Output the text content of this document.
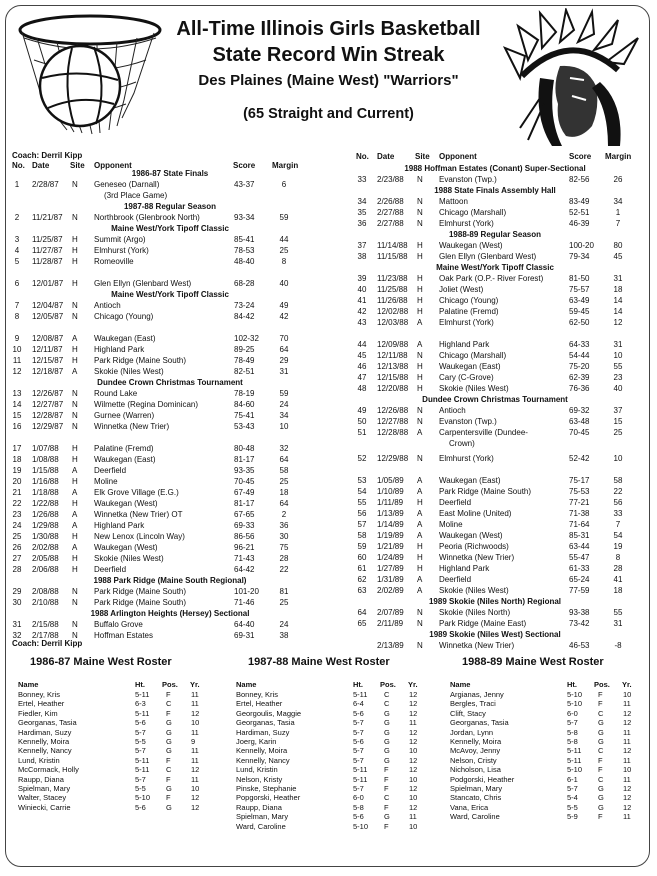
All-Time Illinois Girls Basketball
State Record Win Streak
Des Plaines (Maine West) "Warriors"
(65 Straight and Current)
Coach: Derril Kipp
No. Date	Site Opponent	Score Margin
No. Date	Site Opponent	Score Margin
1986-87 State Finals
1	2/28/87 N Geneseo (Darnall)	43-37	6
(3rd Place Game)
1987-88 Regular Season
2	11/21/87 N Northbrook (Glenbrook North)	93-34	59
Maine West/York Tipoff Classic
3	11/25/87 H Summit (Argo)	85-41	44
4	11/27/87 H Elmhurst (York)	78-53	25
5	11/28/87 H Romeoville	48-40	8
6	12/01/87 H Glen Ellyn (Glenbard West)	68-28	40
Maine West/York Tipoff Classic
7	12/04/87 N Antioch	73-24	49
8	12/05/87 N Chicago (Young)	84-42	42
9	12/08/87 A Waukegan (East)	102-32	70
10	12/11/87 H Highland Park	89-25	64
11	12/15/87 H Park Ridge (Maine South)	78-49	29
12	12/18/87 A Skokie (Niles West)	82-51	31
Dundee Crown Christmas Tournament
13	12/26/87 N Round Lake	78-19	59
14	12/27/87 N Wilmette (Regina Dominican)	84-60	24
15	12/28/87 N Gurnee (Warren)	75-41	34
16	12/29/87 N Winnetka (New Trier)	53-43	10
17	1/07/88 H Palatine (Fremd)	80-48	32
18	1/08/88 H Waukegan (East)	81-17	64
19	1/15/88 A Deerfield	93-35	58
20	1/16/88 H Moline	70-45	25
21	1/18/88 A Elk Grove Village (E.G.)	67-49	18
22	1/22/88 H Waukegan (West)	81-17	64
23	1/26/88 A Winnetka (New Trier) OT	67-65	2
24	1/29/88 A Highland Park	69-33	36
25	1/30/88 H New Lenox (Lincoln Way)	86-56	30
26	2/02/88 A Waukegan (West)	96-21	75
27	2/05/88 H Skokie (Niles West)	71-43	28
28	2/06/88 H Deerfield	64-42	22
1988 Park Ridge (Maine South Regional)
29	2/08/88 N Park Ridge (Maine South)	101-20	81
30	2/10/88 N Park Ridge (Maine South)	71-46	25
1988 Arlington Heights (Hersey) Sectional
31	2/15/88 N Buffalo Grove	64-40	24
32	2/17/88 N Hoffman Estates	69-31	38
1988 Hoffman Estates (Conant) Super-Sectional
33	2/23/88 N Evanston (Twp.)	82-56	26
1988 State Finals Assembly Hall
34	2/26/88 N Mattoon	83-49	34
35	2/27/88 N Chicago (Marshall)	52-51	1
36	2/27/88 N Elmhurst (York)	46-39	7
1988-89 Regular Season
37	11/14/88 H Waukegan (West)	100-20	80
38	11/15/88 H Glen Ellyn (Glenbard West)	79-34	45
Maine West/York Tipoff Classic
39	11/23/88 H Oak Park (O.P.- River Forest)	81-50	31
40	11/25/88 H Joliet (West)	75-57	18
41	11/26/88 H Chicago (Young)	63-49	14
42	12/02/88 H Palatine (Fremd)	59-45	14
43	12/03/88 A Elmhurst (York)	62-50	12
44	12/09/88 A Highland Park	64-33	31
45	12/11/88 N Chicago (Marshall)	54-44	10
46	12/13/88 H Waukegan (East)	75-20	55
47	12/15/88 H Cary (C-Grove)	62-39	23
48	12/20/88 H Skokie (Niles West)	76-36	40
Dundee Crown Christmas Tournament
49	12/26/88 N Antioch	69-32	37
50	12/27/88 N Evanston (Twp.)	63-48	15
51	12/28/88 A Carpentersville (Dundee-	70-45	25
Crown)
52	12/29/88 N Elmhurst (York)	52-42	10
53	1/05/89 A Waukegan (East)	75-17	58
54	1/10/89 A Park Ridge (Maine South)	75-53	22
55	1/11/89 H Deerfield	77-21	56
56	1/13/89 A East Moline (United)	71-38	33
57	1/14/89 A Moline	71-64	7
58	1/19/89 A Waukegan (West)	85-31	54
59	1/21/89 H Peoria (Richwoods)	63-44	19
60	1/24/89 H Winnetka (New Trier)	55-47	8
61	1/27/89 H Highland Park	61-33	28
62	1/31/89 A Deerfield	65-24	41
63	2/02/89 A Skokie (Niles West)	77-59	18
1989 Skokie (Niles North) Regional
64	2/07/89 N Skokie (Niles North)	93-38	55
65	2/11/89 N Park Ridge (Maine East)	73-42	31
1989 Skokie (Niles West) Sectional
2/13/89 N Winnetka (New Trier)	46-53	-8
Coach: Derril Kipp
1986-87 Maine West Roster
Name	Ht. Pos. Yr.
Bonney, Kris	5-11 F	11
Ertel, Heather	6-3	C	11
Fiedler, Kim	5-11 F	12
Georganas, Tasia	5-6	G	10
Hardiman, Suzy	5-7	G	11
Kennelly, Moira	5-5	G	9
Kennelly, Nancy	5-7	G	11
Lund, Kristin	5-11 F	11
McCormack, Holly	5-11 C	12
Raupp, Diana	5-7	F	11
Spielman, Mary	5-5	G	10
Walter, Stacey	5-10 F	12
Winiecki, Carrie	5-6	G	12
1987-88 Maine West Roster
Name	Ht. Pos. Yr.
Bonney, Kris	5-11 C	12
Ertel, Heather	6-4	C	12
Georgoulis, Maggie	5-6	G	12
Georganas, Tasia	5-7	G	11
Hardiman, Suzy	5-7	G	12
Joerg, Karin	5-6	G	12
Kennelly, Moira	5-7	G	10
Kennelly, Nancy	5-7	G	12
Lund, Kristin	5-11 F	12
Nelson, Kristy	5-11 F	10
Pinske, Stephanie	5-7	F	12
Popgorski, Heather	6-0	C	10
Raupp, Diana	5-8	F	12
Spielman, Mary	5-6	G	11
Ward, Caroline	5-10 F	10
1988-89 Maine West Roster
Name	Ht. Pos. Yr.
Argianas, Jenny	5-10 F	10
Bergles, Traci	5-10 F	11
Clift, Stacy	6-0	C	12
Georganas, Tasia	5-7	G	12
Jordan, Lynn	5-8	G	11
Kennelly, Moira	5-8	G	11
McAvoy, Jenny	5-11 C	12
Nelson, Cristy	5-11 F	11
Nicholson, Lisa	5-10 F	10
Podgorski, Heather	6-1	C	11
Spielman, Mary	5-7	G	12
Stancato, Chris	5-4	G	12
Vana, Erica	5-5	G	12
Ward, Caroline	5-9	F	11
